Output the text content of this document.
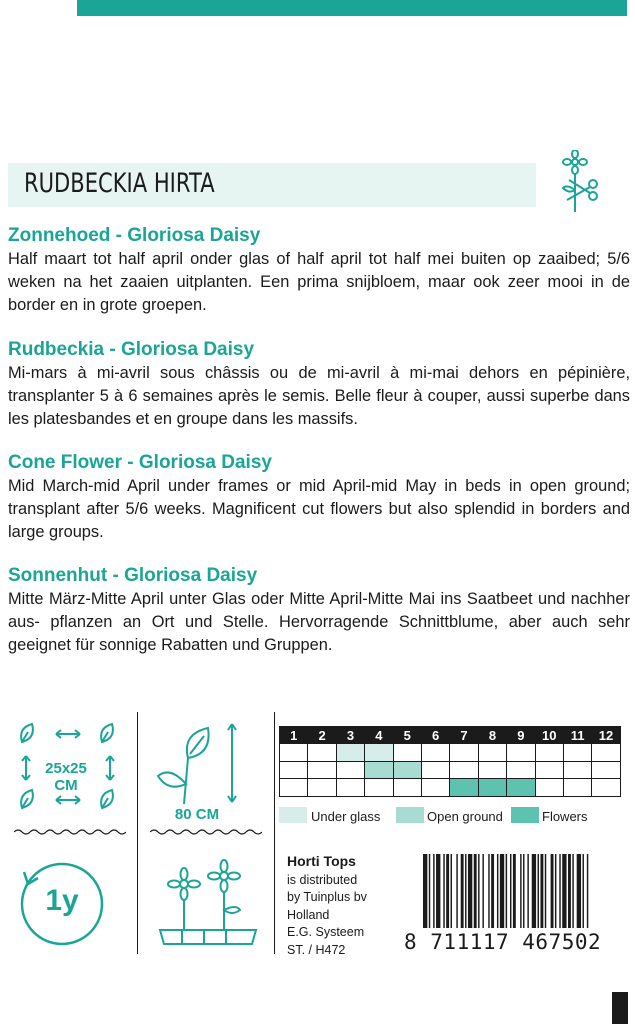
RUDBECKIA HIRTA
Zonnehoed - Gloriosa Daisy

Half maart tot half april onder glas of half april tot half mei buiten op zaaibed; 5/6 weken na het zaaien uitplanten. Een prima snijbloem, maar ook zeer mooi in de border en in grote groepen.

Rudbeckia - Gloriosa Daisy

Mi-mars à mi-avril sous châssis ou de mi-avril à mi-mai dehors en pépinière, transplanter 5 à 6 semaines après le semis. Belle fleur à couper, aussi superbe dans les platesbandes et en groupe dans les massifs.

Cone Flower - Gloriosa Daisy

Mid March-mid April under frames or mid April-mid May in beds in open ground; transplant after 5/6 weeks. Magnificent cut flowers but also splendid in borders and large groups.

Sonnenhut - Gloriosa Daisy

Mitte März-Mitte April unter Glas oder Mitte April-Mitte Mai ins Saatbeet und nachher aus- pflanzen an Ort und Stelle. Hervorragende Schnittblume, aber auch sehr geeignet für sonnige Rabatten und Gruppen.

25x25
CM
80 CM
1	2	3	4	5	6	7	8	9	10	11	12

Under glass	Open ground	Flowers
1y
Horti Tops
is distributed
by Tuinplus bv
Holland
E.G. Systeem
ST. / H472	8 711117 467502
